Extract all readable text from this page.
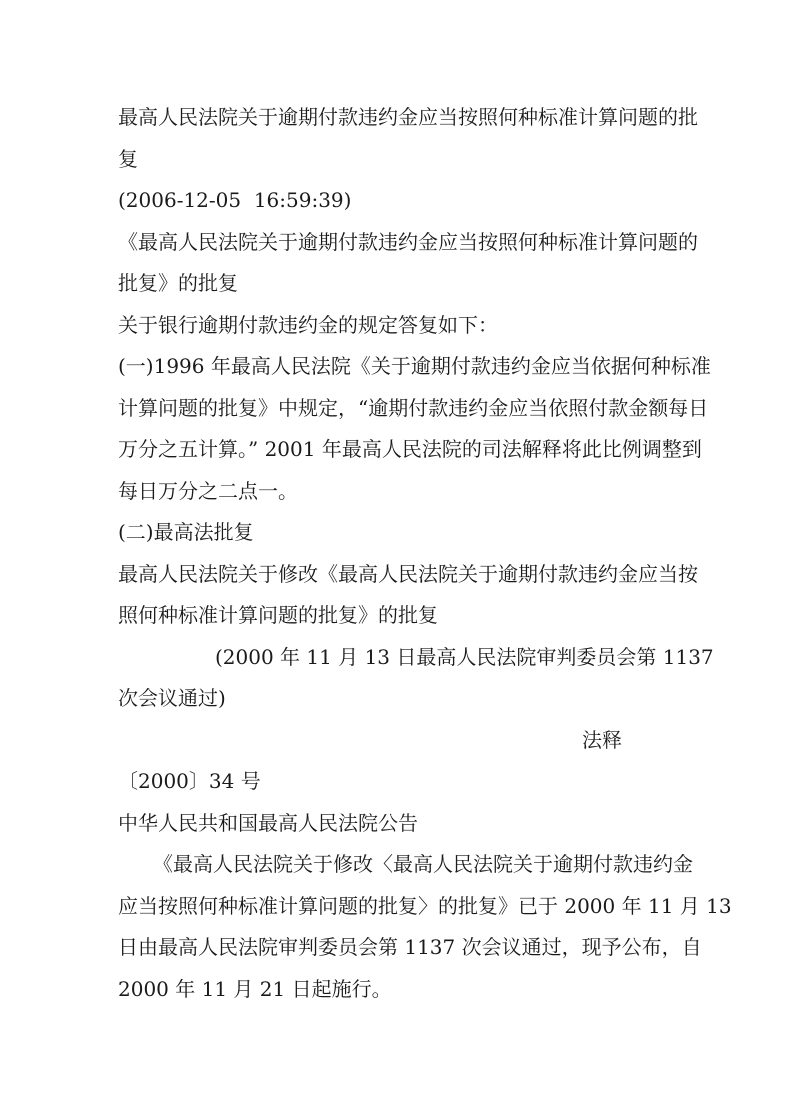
最高人民法院关于逾期付款违约金应当按照何种标准计算问题的批
复
(2006-12-05  16:59:39)
《最高人民法院关于逾期付款违约金应当按照何种标准计算问题的
批复》的批复
关于银行逾期付款违约金的规定答复如下：
(一)1996 年最高人民法院《关于逾期付款违约金应当依据何种标准
计算问题的批复》中规定，“逾期付款违约金应当依照付款金额每日
万分之五计算。” 2001 年最高人民法院的司法解释将此比例调整到
每日万分之二点一。
(二)最高法批复
最高人民法院关于修改《最高人民法院关于逾期付款违约金应当按
照何种标准计算问题的批复》的批复
(2000 年 11 月 13 日最高人民法院审判委员会第 1137
次会议通过)
法释
〔2000〕34 号
中华人民共和国最高人民法院公告
《最高人民法院关于修改〈最高人民法院关于逾期付款违约金
应当按照何种标准计算问题的批复〉的批复》已于 2000 年 11 月 13
日由最高人民法院审判委员会第 1137 次会议通过，现予公布，自
2000 年 11 月 21 日起施行。
